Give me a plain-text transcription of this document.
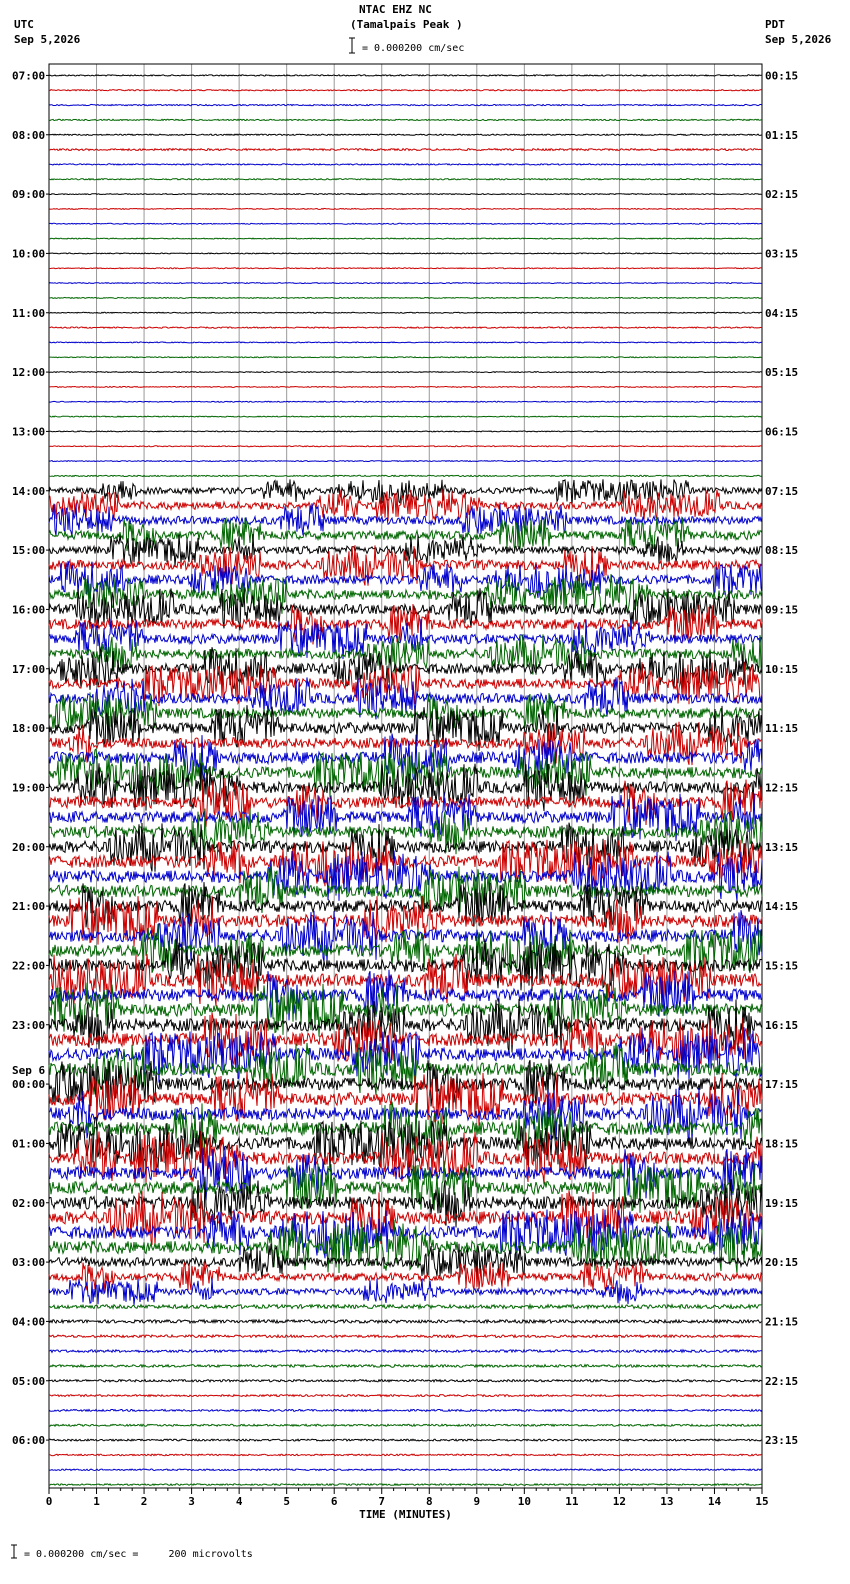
NTAC EHZ NC
(Tamalpais Peak )
= 0.000200 cm/sec
UTC
Sep 5,2026
PDT
Sep 5,2026
= 0.000200 cm/sec =     200 microvolts
07:00
08:00
09:00
10:00
11:00
12:00
13:00
14:00
15:00
16:00
17:00
18:00
19:00
20:00
21:00
22:00
23:00
00:00
01:00
02:00
03:00
04:00
05:00
06:00
Sep 6
00:15
01:15
02:15
03:15
04:15
05:15
06:15
07:15
08:15
09:15
10:15
11:15
12:15
13:15
14:15
15:15
16:15
17:15
18:15
19:15
20:15
21:15
22:15
23:15
0	1	2	3	4	5	6	7	8	9	10	11	12	13	14	15
TIME (MINUTES)
